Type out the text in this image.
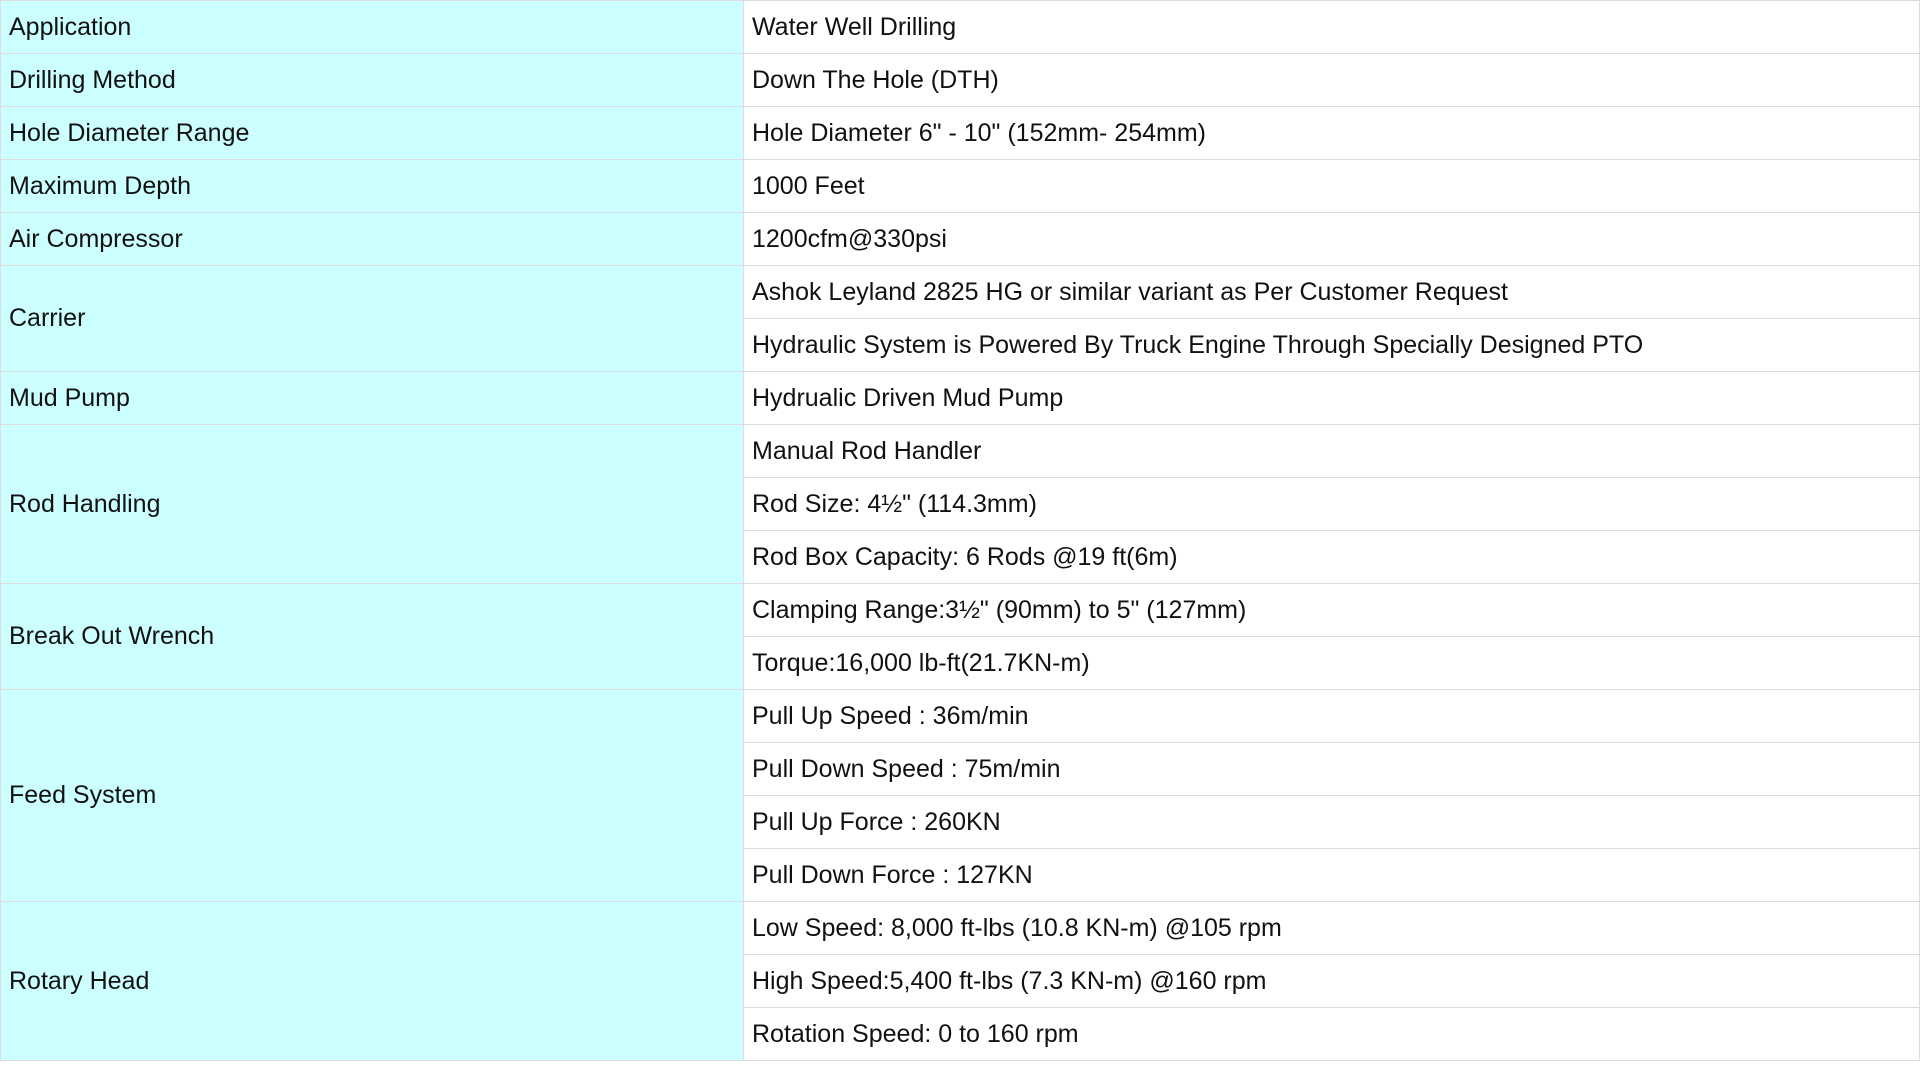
Application	Water Well Drilling
Drilling Method	Down The Hole (DTH)
Hole Diameter Range	Hole Diameter 6" - 10" (152mm- 254mm)
Maximum Depth	1000 Feet
Air Compressor	1200cfm@330psi
Carrier	Ashok Leyland 2825 HG or similar variant as Per Customer Request
	Hydraulic System is Powered By Truck Engine Through Specially Designed PTO
Mud Pump	Hydrualic Driven Mud Pump
Rod Handling	Manual Rod Handler
	Rod Size: 4½" (114.3mm)
	Rod Box Capacity: 6 Rods @19 ft(6m)
Break Out Wrench	Clamping Range:3½" (90mm) to 5" (127mm)
	Torque:16,000 lb-ft(21.7KN-m)
Feed System	Pull Up Speed : 36m/min
	Pull Down Speed : 75m/min
	Pull Up Force : 260KN
	Pull Down Force : 127KN
Rotary Head	Low Speed: 8,000 ft-lbs (10.8 KN-m) @105 rpm
	High Speed:5,400 ft-lbs (7.3 KN-m) @160 rpm
	Rotation Speed: 0 to 160 rpm
